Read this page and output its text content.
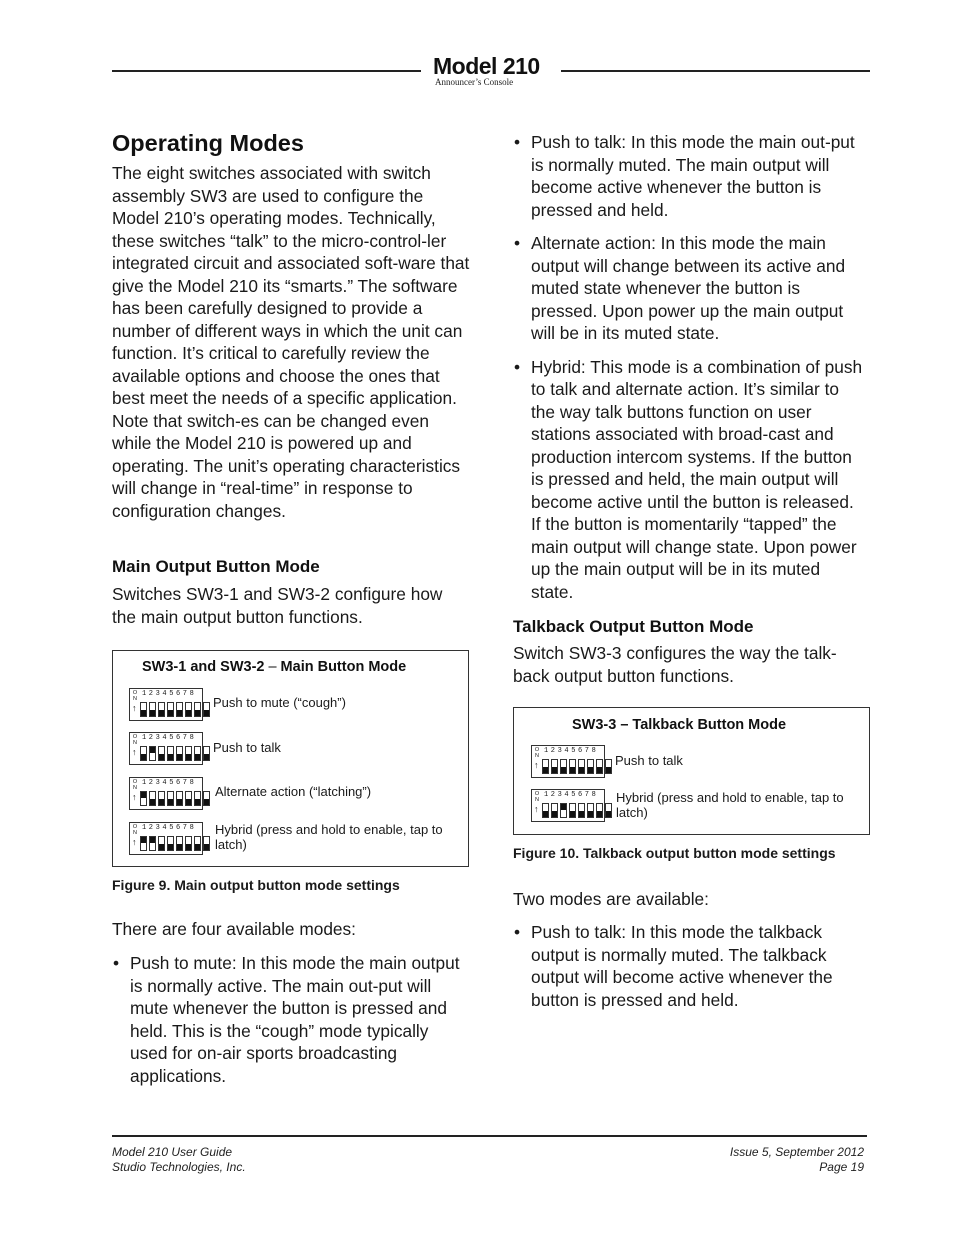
Model 210
Announcer’s Console
Operating Modes

The eight switches associated with switch assembly SW3 are used to configure the Model 210’s operating modes. Technically, these switches “talk” to the micro-control-ler integrated circuit and associated soft-ware that give the Model 210 its “smarts.” The software has been carefully designed to provide a number of different ways in which the unit can function. It’s critical to carefully review the available options and choose the ones that best meet the needs of a specific application. Note that switch-es can be changed even while the Model 210 is powered up and operating. The unit’s operating characteristics will change in “real-time” in response to configuration changes.

Main Output Button Mode

Switches SW3-1 and SW3-2 configure how the main output button functions.

SW3-1 and SW3-2 – Main Button Mode
12345678
O
N
↑	Push to mute (“cough”)
12345678
O
N
↑	Push to talk
12345678
O
N
↑	Alternate action (“latching”)
12345678
O
N
↑
Hybrid (press and hold to enable, tap to latch)
Figure 9. Main output button mode settings

There are four available modes:

• Push to mute: In this mode the main output is normally active. The main out-put will mute whenever the button is pressed and held. This is the “cough” mode typically used for on-air sports broadcasting applications.
• Push to talk: In this mode the main out-put is normally muted. The main output will become active whenever the button is pressed and held.
• Alternate action: In this mode the main output will change between its active and muted state whenever the button is pressed. Upon power up the main output will be in its muted state.
• Hybrid: This mode is a combination of push to talk and alternate action. It’s similar to the way talk buttons function on user stations associated with broad-cast and production intercom systems. If the button is pressed and held, the main output will become active until the button is released. If the button is momentarily “tapped” the main output will change state. Upon power up the main output will be in its muted state.
Talkback Output Button Mode

Switch SW3-3 configures the way the talk-back output button functions.

SW3-3 – Talkback Button Mode
12345678
O
N
↑	Push to talk
12345678
O
N
↑
Hybrid (press and hold to enable, tap to latch)
Figure 10. Talkback output button mode settings

Two modes are available:

• Push to talk: In this mode the talkback output is normally muted. The talkback output will become active whenever the button is pressed and held.
Model 210 User Guide
Studio Technologies, Inc.
Issue 5, September 2012
Page 19
